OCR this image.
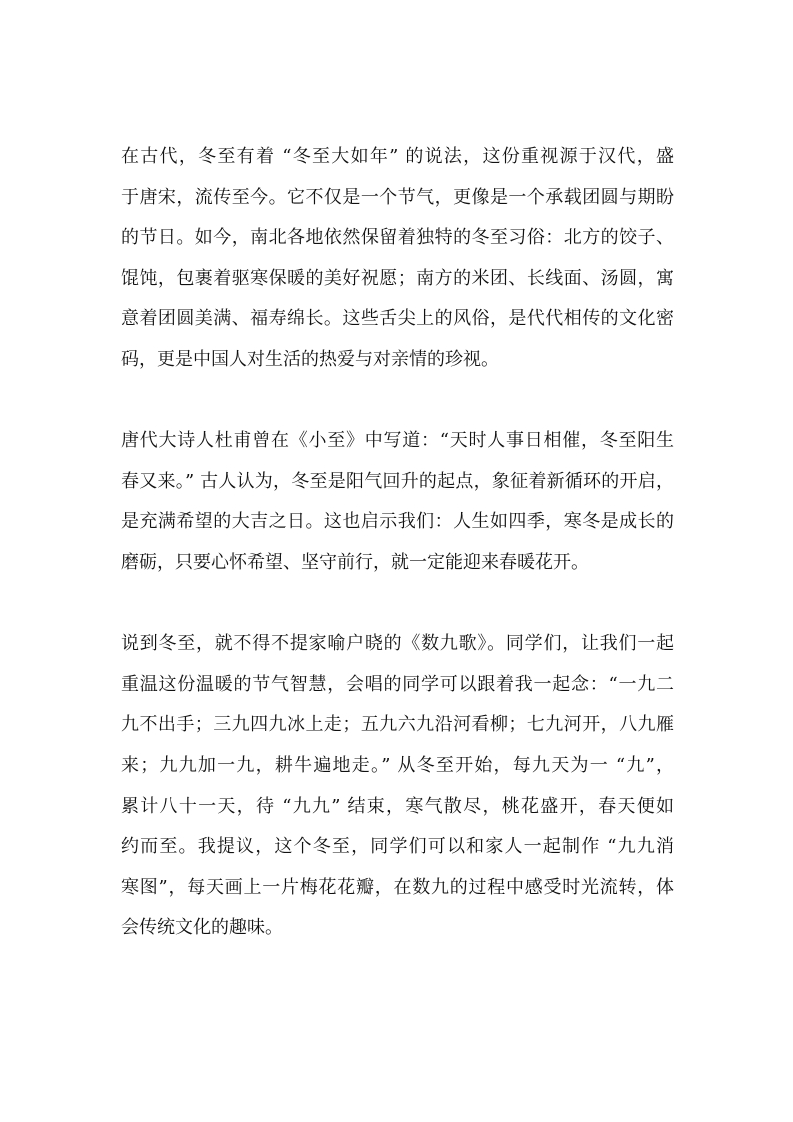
在古代，冬至有着 “冬至大如年” 的说法，这份重视源于汉代，盛
于唐宋，流传至今。它不仅是一个节气，更像是一个承载团圆与期盼
的节日。如今，南北各地依然保留着独特的冬至习俗：北方的饺子、
馄饨，包裹着驱寒保暖的美好祝愿；南方的米团、长线面、汤圆，寓
意着团圆美满、福寿绵长。这些舌尖上的风俗，是代代相传的文化密
码，更是中国人对生活的热爱与对亲情的珍视。
唐代大诗人杜甫曾在《小至》中写道：“天时人事日相催，冬至阳生
春又来。” 古人认为，冬至是阳气回升的起点，象征着新循环的开启，
是充满希望的大吉之日。这也启示我们：人生如四季，寒冬是成长的
磨砺，只要心怀希望、坚守前行，就一定能迎来春暖花开。
说到冬至，就不得不提家喻户晓的《数九歌》。同学们，让我们一起
重温这份温暖的节气智慧，会唱的同学可以跟着我一起念：“一九二
九不出手；三九四九冰上走；五九六九沿河看柳；七九河开，八九雁
来；九九加一九，耕牛遍地走。” 从冬至开始，每九天为一 “九”，
累计八十一天，待 “九九” 结束，寒气散尽，桃花盛开，春天便如
约而至。我提议，这个冬至，同学们可以和家人一起制作 “九九消
寒图”，每天画上一片梅花花瓣，在数九的过程中感受时光流转，体
会传统文化的趣味。
